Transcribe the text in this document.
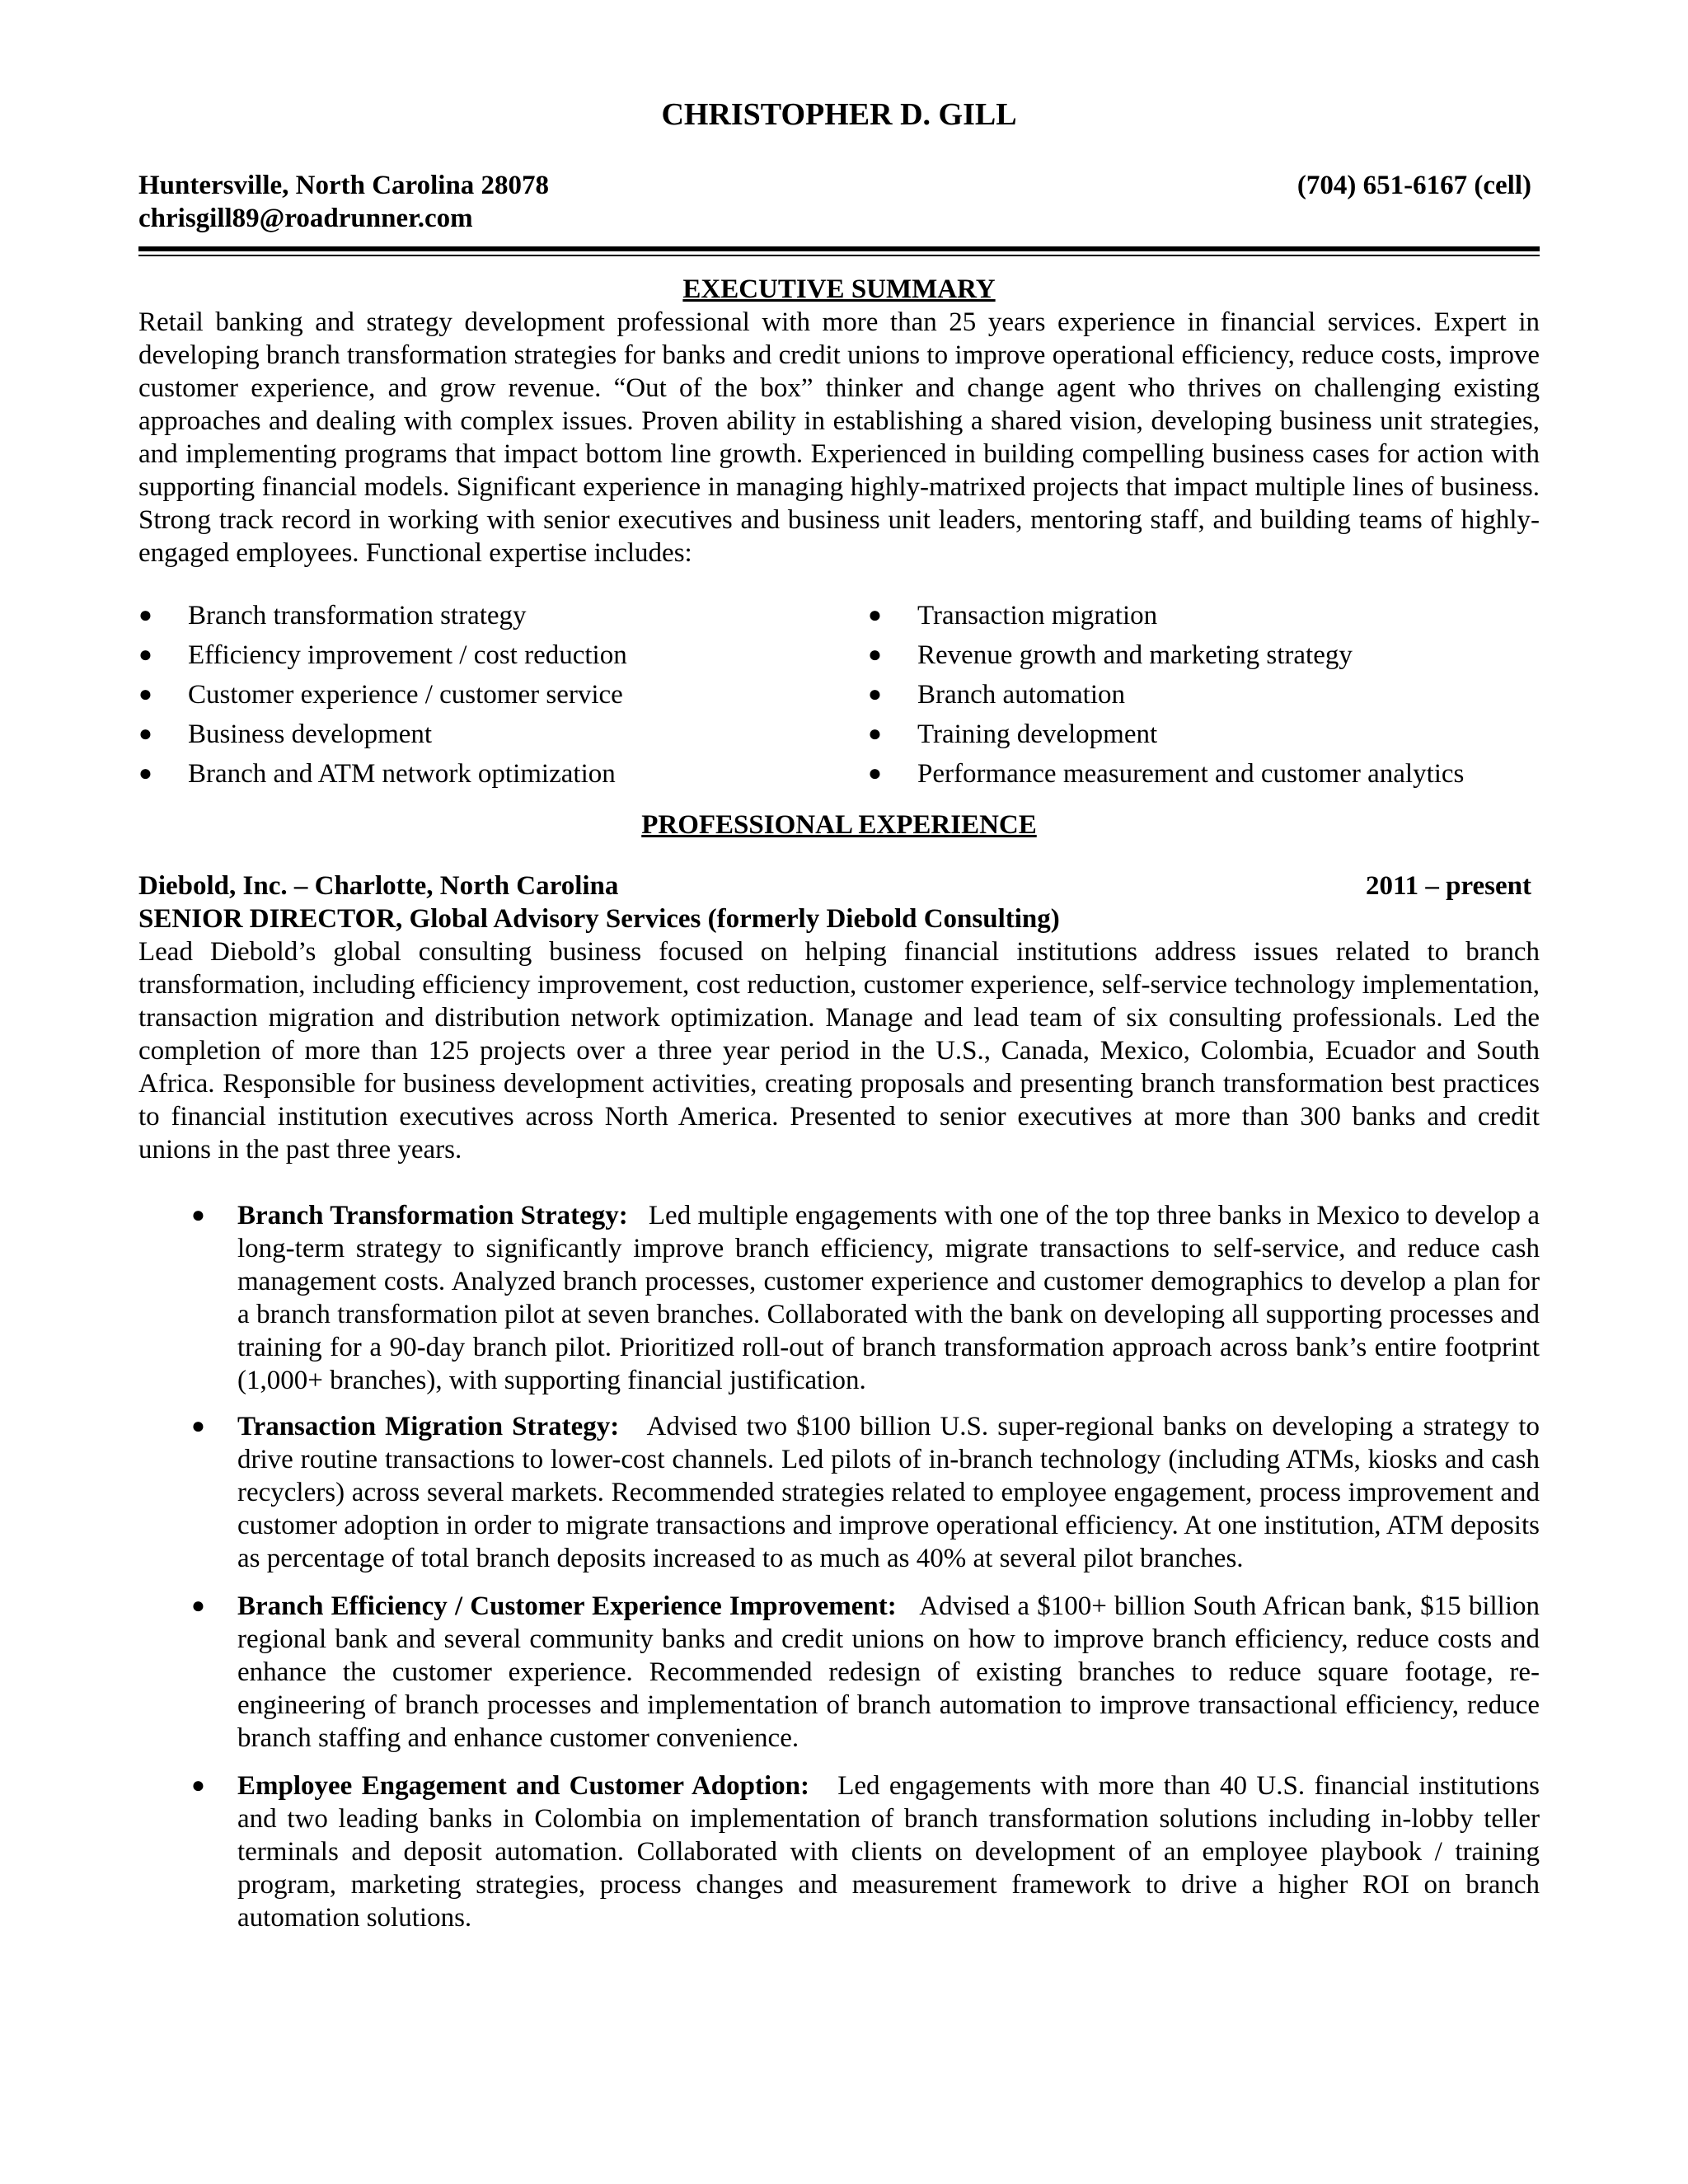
CHRISTOPHER D. GILL
Huntersville, North Carolina 28078	(704) 651-6167 (cell)
chrisgill89@roadrunner.com
EXECUTIVE SUMMARY

Retail banking and strategy development professional with more than 25 years experience in financial services. Expert in developing branch transformation strategies for banks and credit unions to improve operational efficiency, reduce costs, improve customer experience, and grow revenue. “Out of the box” thinker and change agent who thrives on challenging existing approaches and dealing with complex issues. Proven ability in establishing a shared vision, developing business unit strategies, and implementing programs that impact bottom line growth. Experienced in building compelling business cases for action with supporting financial models. Significant experience in managing highly-matrixed projects that impact multiple lines of business. Strong track record in working with senior executives and business unit leaders, mentoring staff, and building teams of highly-engaged employees. Functional expertise includes:

● Branch transformation strategy
● Efficiency improvement / cost reduction
● Customer experience / customer service
● Business development
● Branch and ATM network optimization
● Transaction migration
● Revenue growth and marketing strategy
● Branch automation
● Training development
● Performance measurement and customer analytics
PROFESSIONAL EXPERIENCE
Diebold, Inc. – Charlotte, North Carolina	2011 – present
SENIOR DIRECTOR, Global Advisory Services (formerly Diebold Consulting)

Lead Diebold’s global consulting business focused on helping financial institutions address issues related to branch transformation, including efficiency improvement, cost reduction, customer experience, self-service technology implementation, transaction migration and distribution network optimization. Manage and lead team of six consulting professionals. Led the completion of more than 125 projects over a three year period in the U.S., Canada, Mexico, Colombia, Ecuador and South Africa. Responsible for business development activities, creating proposals and presenting branch transformation best practices to financial institution executives across North America. Presented to senior executives at more than 300 banks and credit unions in the past three years.

● Branch Transformation Strategy: Led multiple engagements with one of the top three banks in Mexico to develop a long-term strategy to significantly improve branch efficiency, migrate transactions to self-service, and reduce cash management costs. Analyzed branch processes, customer experience and customer demographics to develop a plan for a branch transformation pilot at seven branches. Collaborated with the bank on developing all supporting processes and training for a 90-day branch pilot. Prioritized roll-out of branch transformation approach across bank’s entire footprint (1,000+ branches), with supporting financial justification.
● Transaction Migration Strategy: Advised two $100 billion U.S. super-regional banks on developing a strategy to drive routine transactions to lower-cost channels. Led pilots of in-branch technology (including ATMs, kiosks and cash recyclers) across several markets. Recommended strategies related to employee engagement, process improvement and customer adoption in order to migrate transactions and improve operational efficiency. At one institution, ATM deposits as percentage of total branch deposits increased to as much as 40% at several pilot branches.
● Branch Efficiency / Customer Experience Improvement: Advised a $100+ billion South African bank, $15 billion regional bank and several community banks and credit unions on how to improve branch efficiency, reduce costs and enhance the customer experience. Recommended redesign of existing branches to reduce square footage, re-engineering of branch processes and implementation of branch automation to improve transactional efficiency, reduce branch staffing and enhance customer convenience.
● Employee Engagement and Customer Adoption: Led engagements with more than 40 U.S. financial institutions and two leading banks in Colombia on implementation of branch transformation solutions including in-lobby teller terminals and deposit automation. Collaborated with clients on development of an employee playbook / training program, marketing strategies, process changes and measurement framework to drive a higher ROI on branch automation solutions.
